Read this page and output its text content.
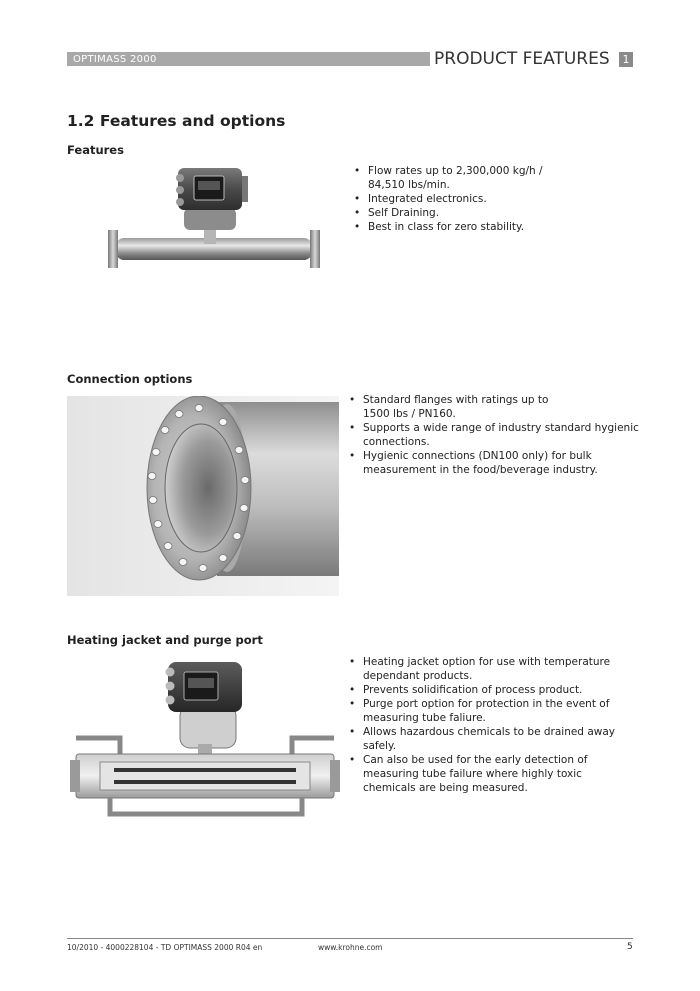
OPTIMASS 2000	PRODUCT FEATURES	1
1.2 Features and options
Features
• Flow rates up to 2,300,000 kg/h /
84,510 lbs/min.
• Integrated electronics.
• Self Draining.
• Best in class for zero stability.
Connection options
• Standard flanges with ratings up to
1500 lbs / PN160.
• Supports a wide range of industry standard hygienic
connections.
• Hygienic connections (DN100 only) for bulk
measurement in the food/beverage industry.
Heating jacket and purge port
• Heating jacket option for use with temperature
dependant products.
• Prevents solidification of process product.
• Purge port option for protection in the event of
measuring tube faliure.
• Allows hazardous chemicals to be drained away
safely.
• Can also be used for the early detection of
measuring tube failure where highly toxic
chemicals are being measured.
10/2010 - 4000228104 - TD OPTIMASS 2000 R04 en	www.krohne.com	5
